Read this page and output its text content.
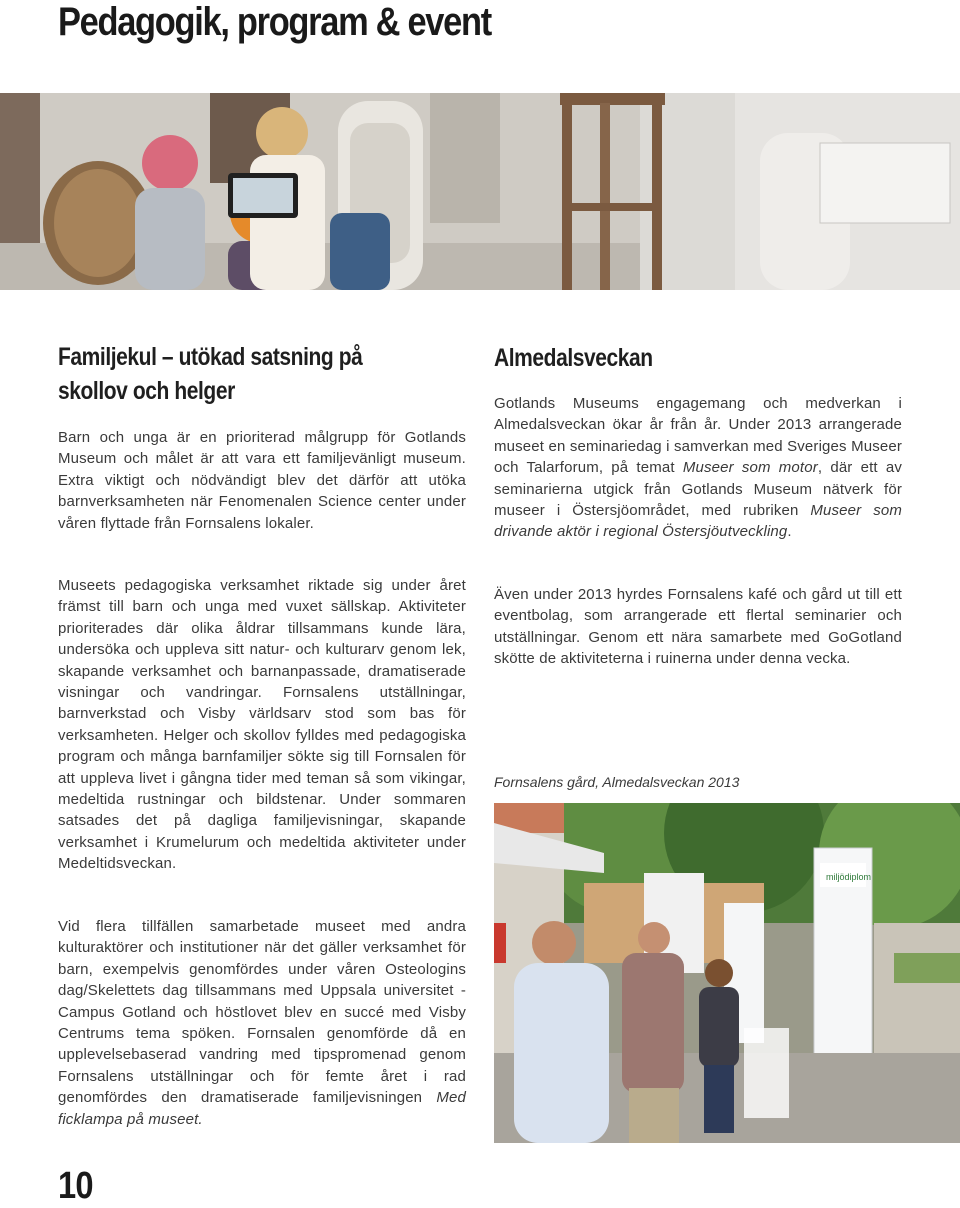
Pedagogik, program & event
Familjekul – utökad satsning på skollov och helger

Barn och unga är en prioriterad målgrupp för Gotlands Museum och målet är att vara ett familjevänligt museum. Extra viktigt och nödvändigt blev det därför att utöka barnverksamheten när Fenomenalen Science center under våren flyttade från Fornsalens lokaler.

Museets pedagogiska verksamhet riktade sig under året främst till barn och unga med vuxet sällskap. Aktiviteter prioriterades där olika åldrar tillsammans kunde lära, undersöka och uppleva sitt natur- och kulturarv genom lek, skapande verksamhet och barnanpassade, dramatiserade visningar och vandringar. Fornsalens utställningar, barnverkstad och Visby världsarv stod som bas för verksamheten. Helger och skollov fylldes med pedagogiska program och många barnfamiljer sökte sig till Fornsalen för att uppleva livet i gångna tider med teman så som vikingar, medeltida rustningar och bildstenar. Under sommaren satsades det på dagliga familjevisningar, skapande verksamhet i Krumelurum och medeltida aktiviteter under Medeltidsveckan.

Vid flera tillfällen samarbetade museet med andra kulturaktörer och institutioner när det gäller verksamhet för barn, exempelvis genomfördes under våren Osteologins dag/Skelettets dag tillsammans med Uppsala universitet - Campus Gotland och höstlovet blev en succé med Visby Centrums tema spöken. Fornsalen genomförde då en upplevelsebaserad vandring med tipspromenad genom Fornsalens utställningar och för femte året i rad genomfördes den dramatiserade familjevisningen Med ficklampa på museet.

Almedalsveckan

Gotlands Museums engagemang och medverkan i Almedalsveckan ökar år från år. Under 2013 arrangerade museet en seminariedag i samverkan med Sveriges Museer och Talarforum, på temat Museer som motor, där ett av seminarierna utgick från Gotlands Museum nätverk för museer i Östersjöområdet, med rubriken Museer som drivande aktör i regional Östersjöutveckling.

Även under 2013 hyrdes Fornsalens kafé och gård ut till ett eventbolag, som arrangerade ett flertal seminarier och utställningar. Genom ett nära samarbete med GoGotland skötte de aktiviteterna i ruinerna under denna vecka.

Fornsalens gård, Almedalsveckan 2013

miljödiplom
10
